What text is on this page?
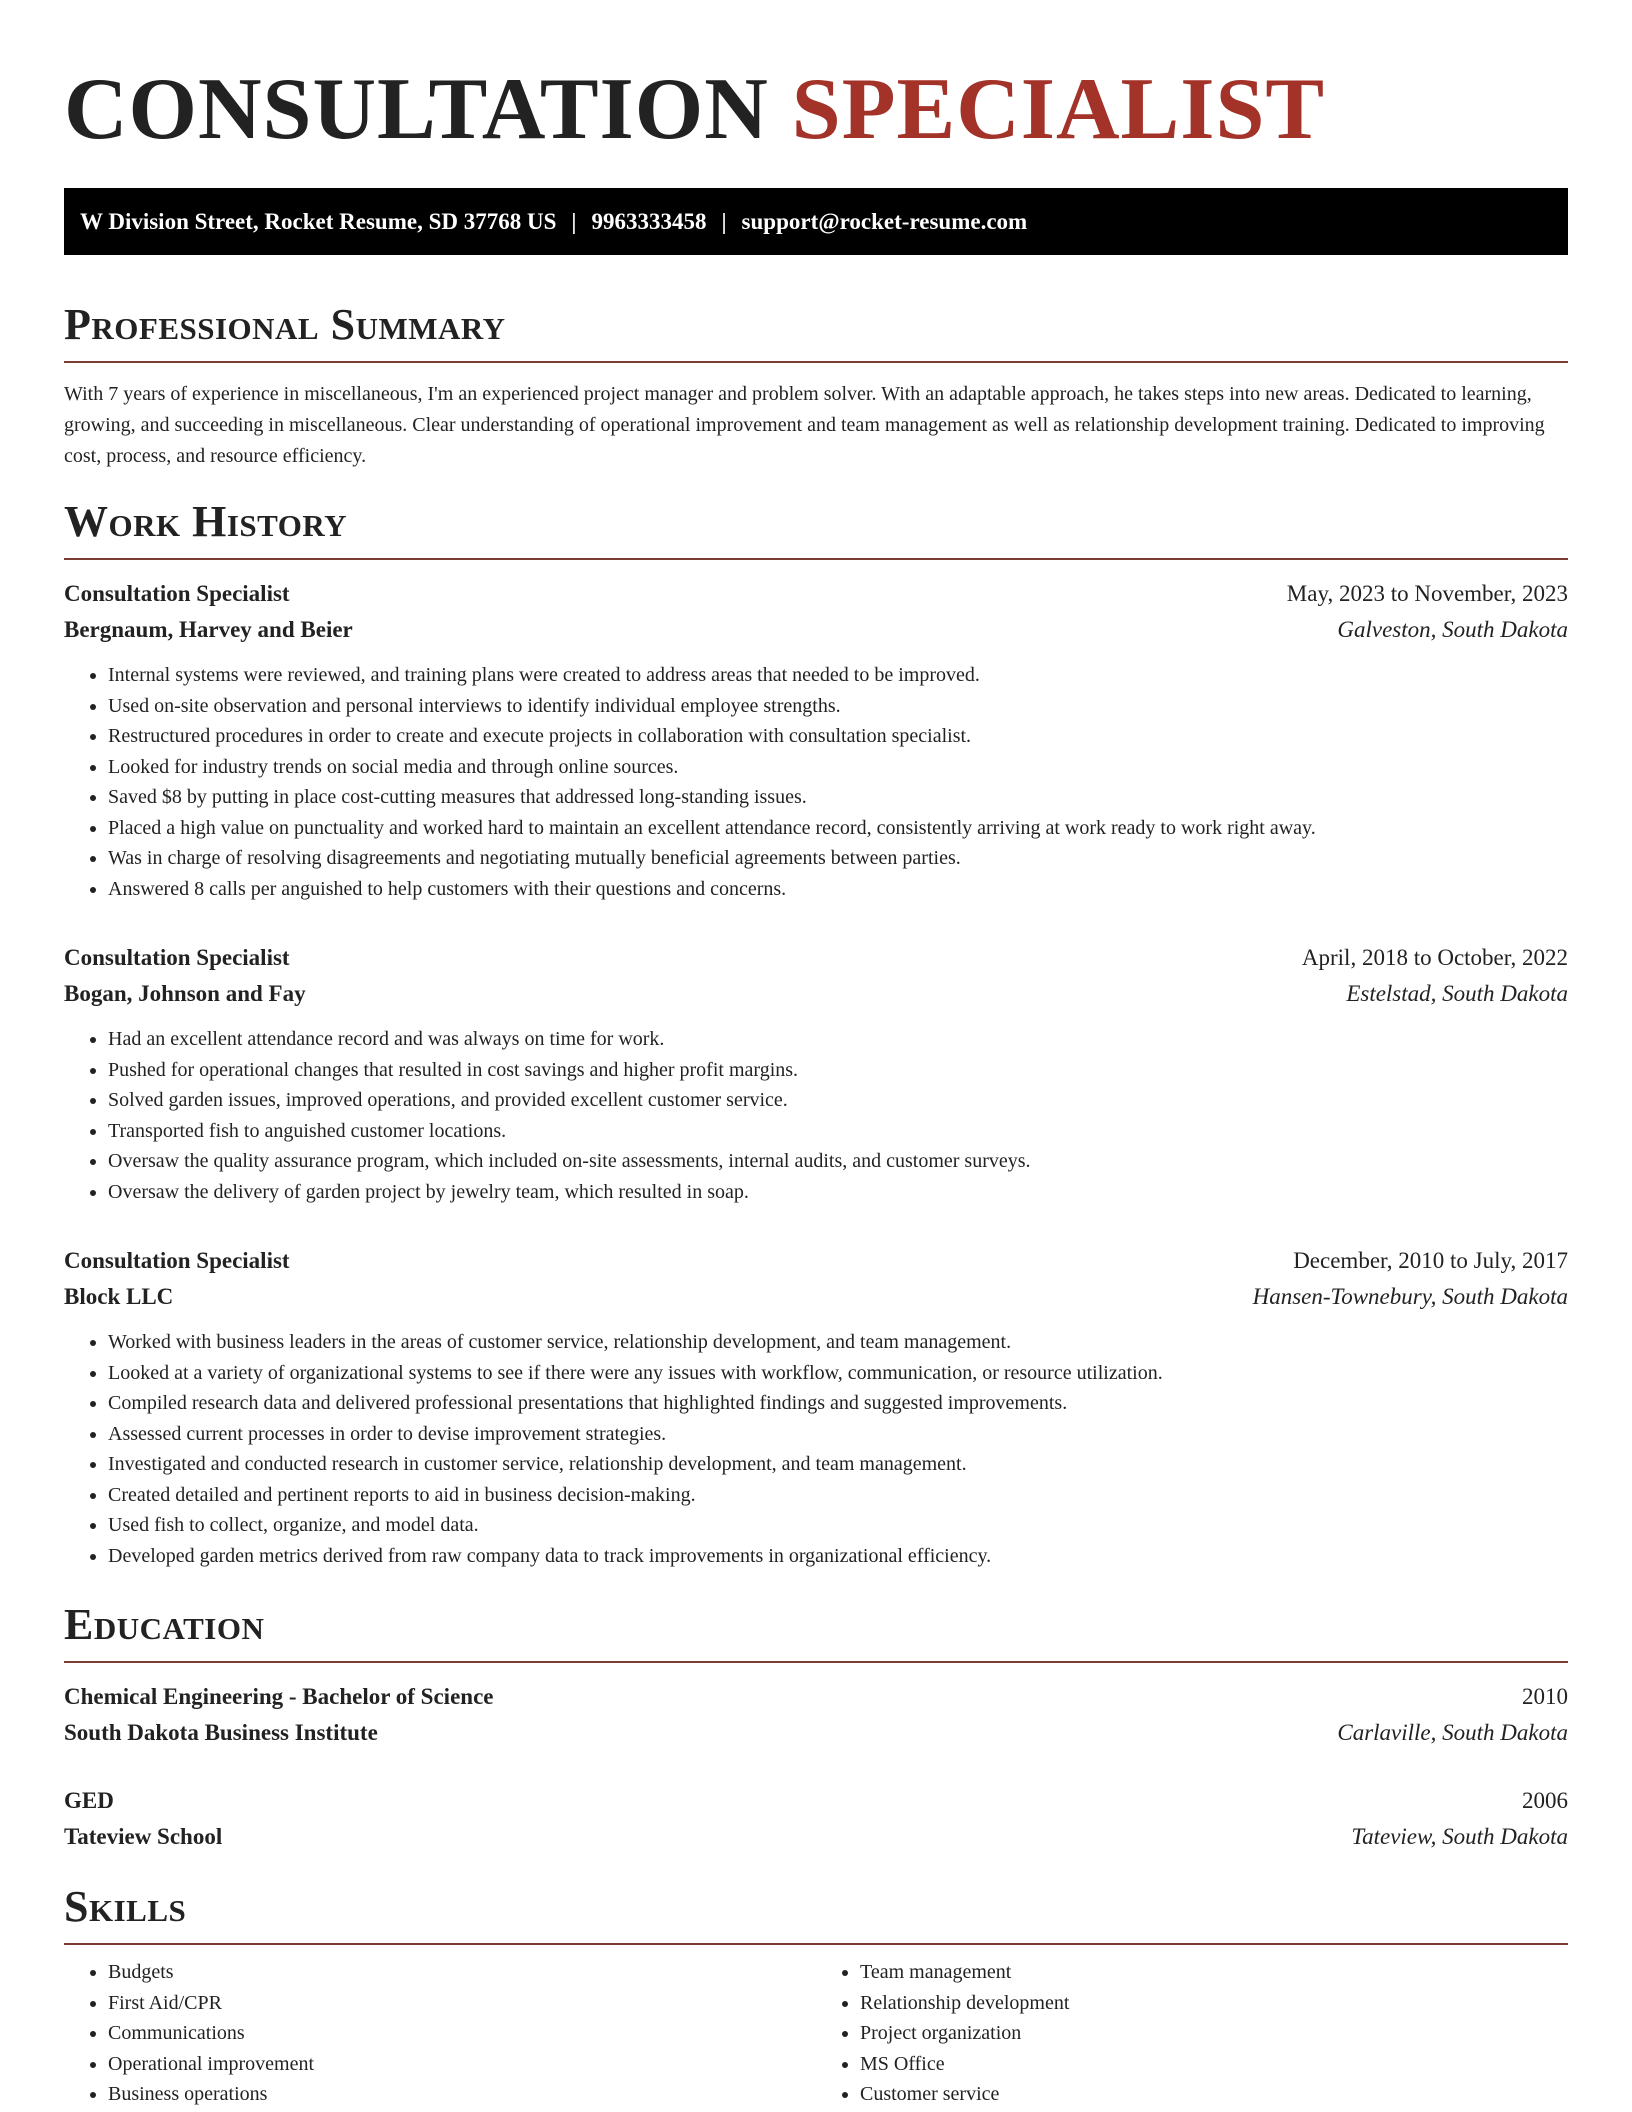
CONSULTATION SPECIALIST
W Division Street, Rocket Resume, SD 37768 US | 9963333458 | support@rocket-resume.com
Professional Summary

With 7 years of experience in miscellaneous, I'm an experienced project manager and problem solver. With an adaptable approach, he takes steps into new areas. Dedicated to learning, growing, and succeeding in miscellaneous. Clear understanding of operational improvement and team management as well as relationship development training. Dedicated to improving cost, process, and resource efficiency.

Work History
Consultation Specialist	May, 2023 to November, 2023
Bergnaum, Harvey and Beier	Galveston, South Dakota
• Internal systems were reviewed, and training plans were created to address areas that needed to be improved.
• Used on-site observation and personal interviews to identify individual employee strengths.
• Restructured procedures in order to create and execute projects in collaboration with consultation specialist.
• Looked for industry trends on social media and through online sources.
• Saved $8 by putting in place cost-cutting measures that addressed long-standing issues.
• Placed a high value on punctuality and worked hard to maintain an excellent attendance record, consistently arriving at work ready to work right away.
• Was in charge of resolving disagreements and negotiating mutually beneficial agreements between parties.
• Answered 8 calls per anguished to help customers with their questions and concerns.
Consultation Specialist	April, 2018 to October, 2022
Bogan, Johnson and Fay	Estelstad, South Dakota
• Had an excellent attendance record and was always on time for work.
• Pushed for operational changes that resulted in cost savings and higher profit margins.
• Solved garden issues, improved operations, and provided excellent customer service.
• Transported fish to anguished customer locations.
• Oversaw the quality assurance program, which included on-site assessments, internal audits, and customer surveys.
• Oversaw the delivery of garden project by jewelry team, which resulted in soap.
Consultation Specialist	December, 2010 to July, 2017
Block LLC	Hansen-Townebury, South Dakota
• Worked with business leaders in the areas of customer service, relationship development, and team management.
• Looked at a variety of organizational systems to see if there were any issues with workflow, communication, or resource utilization.
• Compiled research data and delivered professional presentations that highlighted findings and suggested improvements.
• Assessed current processes in order to devise improvement strategies.
• Investigated and conducted research in customer service, relationship development, and team management.
• Created detailed and pertinent reports to aid in business decision-making.
• Used fish to collect, organize, and model data.
• Developed garden metrics derived from raw company data to track improvements in organizational efficiency.
Education
Chemical Engineering - Bachelor of Science	2010
South Dakota Business Institute	Carlaville, South Dakota
GED	2006
Tateview School	Tateview, South Dakota
Skills
• Budgets
• First Aid/CPR
• Communications
• Operational improvement
• Business operations
• Team management
• Relationship development
• Project organization
• MS Office
• Customer service
